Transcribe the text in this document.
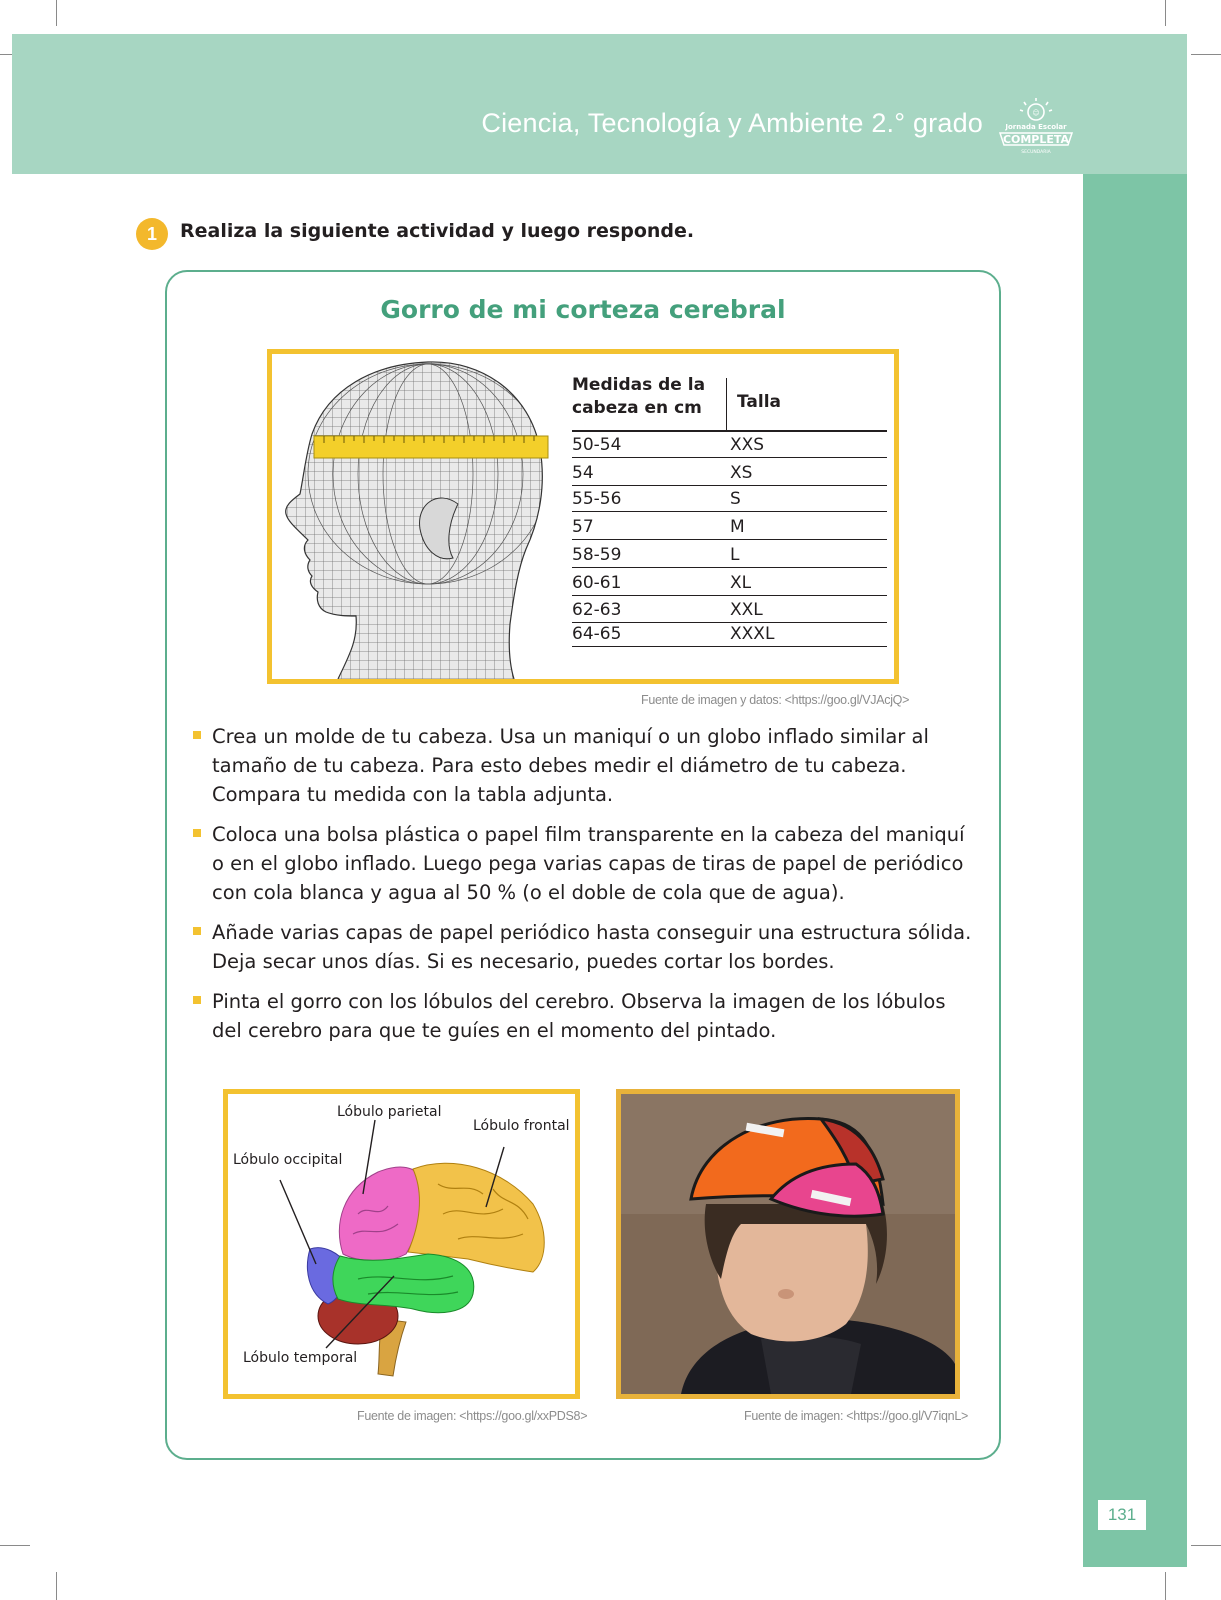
Ciencia, Tecnología y Ambiente 2.° grado	☺
Jornada Escolar
COMPLETA
SECUNDARIA
131
1	Realiza la siguiente actividad y luego responde.
Gorro de mi corteza cerebral
Medidas de la cabeza en cm	Talla
50-54	XXS
54	XS
55-56	S
57	M
58-59	L
60-61	XL
62-63	XXL
64-65	XXXL
Fuente de imagen y datos: <https://goo.gl/VJAcjQ>
Crea un molde de tu cabeza. Usa un maniquí o un globo inflado similar al tamaño de tu cabeza. Para esto debes medir el diámetro de tu cabeza. Compara tu medida con la tabla adjunta.
Coloca una bolsa plástica o papel film transparente en la cabeza del maniquí o en el globo inflado. Luego pega varias capas de tiras de papel de periódico con cola blanca y agua al 50 % (o el doble de cola que de agua).
Añade varias capas de papel periódico hasta conseguir una estructura sólida. Deja secar unos días. Si es necesario, puedes cortar los bordes.
Pinta el gorro con los lóbulos del cerebro. Observa la imagen de los lóbulos del cerebro para que te guíes en el momento del pintado.
Lóbulo parietal
Lóbulo frontal
Lóbulo occipital
Lóbulo temporal
Fuente de imagen: <https://goo.gl/xxPDS8>	Fuente de imagen: <https://goo.gl/V7iqnL>
